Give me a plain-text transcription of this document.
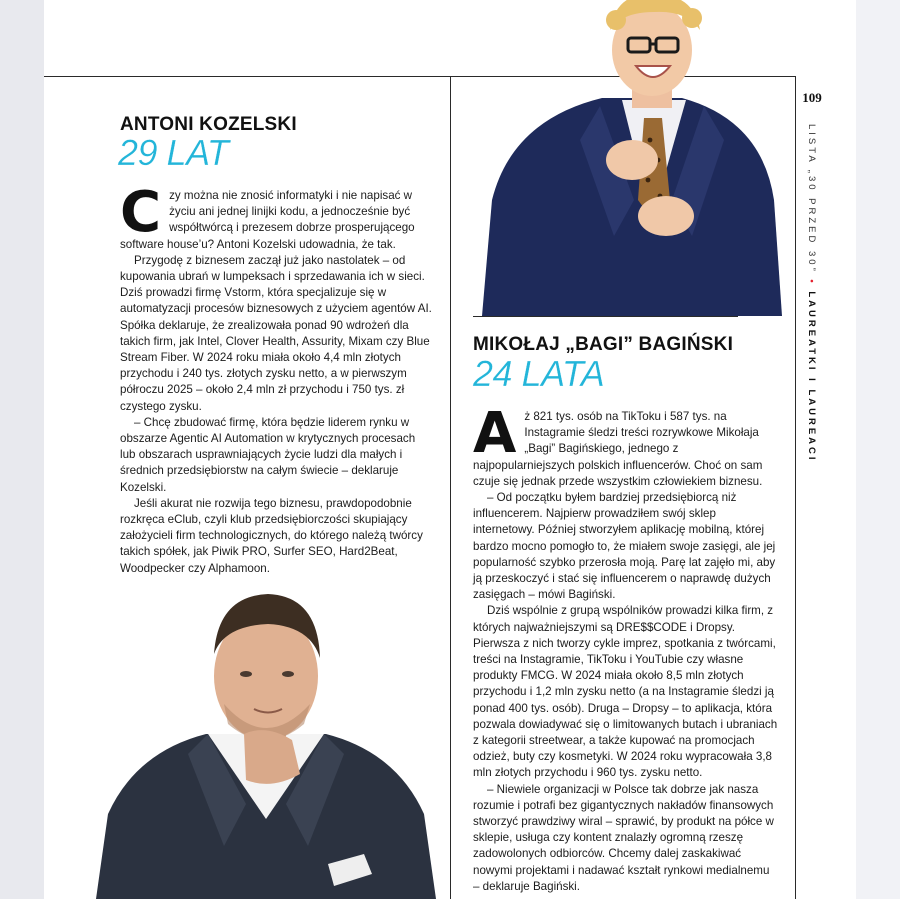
109
LISTA „30 PRZED 30” • LAUREATKI I LAUREACI
ANTONI KOZELSKI
29 LAT

Czy można nie znosić informatyki i nie napisać w życiu ani jednej linijki kodu, a jednocześnie być współtwórcą i prezesem dobrze prosperującego software house’u? Antoni Kozelski udowadnia, że tak.

Przygodę z biznesem zaczął już jako nastolatek – od kupowania ubrań w lumpeksach i sprzedawania ich w sieci. Dziś prowadzi firmę Vstorm, która specjalizuje się w automatyzacji procesów biznesowych z użyciem agentów AI. Spółka deklaruje, że zrealizowała ponad 90 wdrożeń dla takich firm, jak Intel, Clover Health, Assurity, Mixam czy Blue Stream Fiber. W 2024 roku miała około 4,4 mln złotych przychodu i 240 tys. złotych zysku netto, a w pierwszym półroczu 2025 – około 2,4 mln zł przychodu i 750 tys. zł czystego zysku.

– Chcę zbudować firmę, która będzie liderem rynku w obszarze Agentic AI Automation w krytycznych procesach lub obszarach usprawniających życie ludzi dla małych i średnich przedsiębiorstw na całym świecie – deklaruje Kozelski.

Jeśli akurat nie rozwija tego biznesu, prawdopodobnie rozkręca eClub, czyli klub przedsiębiorczości skupiający założycieli firm technologicznych, do którego należą twórcy takich spółek, jak Piwik PRO, Surfer SEO, Hard2Beat, Woodpecker czy Alphamoon.

MIKOŁAJ „BAGI” BAGIŃSKI
24 LATA

Aż 821 tys. osób na TikToku i 587 tys. na Instagramie śledzi treści rozrywkowe Mikołaja „Bagi” Bagińskiego, jednego z najpopularniejszych polskich influencerów. Choć on sam czuje się jednak przede wszystkim człowiekiem biznesu.

– Od początku byłem bardziej przedsiębiorcą niż influencerem. Najpierw prowadziłem swój sklep internetowy. Później stworzyłem aplikację mobilną, której bardzo mocno pomogło to, że miałem swoje zasięgi, ale jej popularność szybko przerosła moją. Parę lat zajęło mi, aby ją przeskoczyć i stać się influencerem o naprawdę dużych zasięgach – mówi Bagiński.

Dziś wspólnie z grupą wspólników prowadzi kilka firm, z których najważniejszymi są DRE$$CODE i Dropsy. Pierwsza z nich tworzy cykle imprez, spotkania z twórcami, treści na Instagramie, TikToku i YouTubie czy własne produkty FMCG. W 2024 miała około 8,5 mln złotych przychodu i 1,2 mln zysku netto (a na Instagramie śledzi ją ponad 400 tys. osób). Druga – Dropsy – to aplikacja, która pozwala dowiadywać się o limitowanych butach i ubraniach z kategorii streetwear, a także kupować na promocjach odzież, buty czy kosmetyki. W 2024 roku wypracowała 3,8 mln złotych przychodu i 960 tys. zysku netto.

– Niewiele organizacji w Polsce tak dobrze jak nasza rozumie i potrafi bez gigantycznych nakładów finansowych stworzyć prawdziwy wiral – sprawić, by produkt na półce w sklepie, usługa czy kontent znalazły ogromną rzeszę zadowolonych odbiorców. Chcemy dalej zaskakiwać nowymi projektami i nadawać kształt rynkowi medialnemu – deklaruje Bagiński.
